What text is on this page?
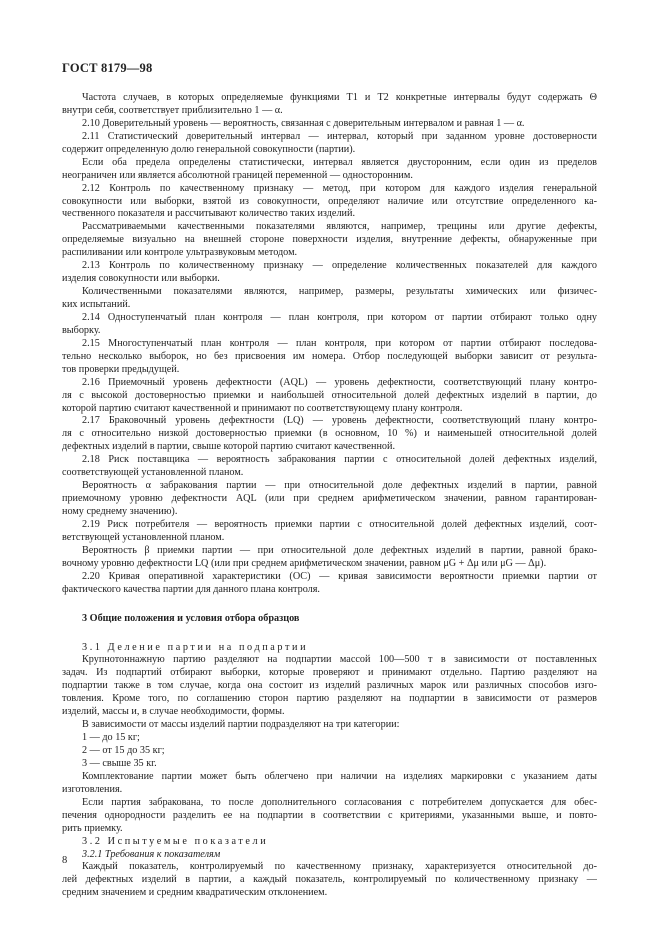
ГОСТ 8179—98
Частота случаев, в которых определяемые функциями T1 и T2 конкретные интервалы будут содержать Θ
внутри себя, соответствует приблизительно 1 — α.
2.10 Доверительный уровень — вероятность, связанная с доверительным интервалом и равная 1 — α.
2.11 Статистический доверительный интервал — интервал, который при заданном уровне достоверности
содержит определенную долю генеральной совокупности (партии).
Если оба предела определены статистически, интервал является двусторонним, если один из пределов
неограничен или является абсолютной границей переменной — односторонним.
2.12 Контроль по качественному признаку — метод, при котором для каждого изделия генеральной
совокупности или выборки, взятой из совокупности, определяют наличие или отсутствие определенного ка-
чественного показателя и рассчитывают количество таких изделий.
Рассматриваемыми качественными показателями являются, например, трещины или другие дефекты,
определяемые визуально на внешней стороне поверхности изделия, внутренние дефекты, обнаруженные при
распиливании или контроле ультразвуковым методом.
2.13 Контроль по количественному признаку — определение количественных показателей для каждого
изделия совокупности или выборки.
Количественными показателями являются, например, размеры, результаты химических или физичес-
ких испытаний.
2.14 Одноступенчатый план контроля — план контроля, при котором от партии отбирают только одну
выборку.
2.15 Многоступенчатый план контроля — план контроля, при котором от партии отбирают последова-
тельно несколько выборок, но без присвоения им номера. Отбор последующей выборки зависит от результа-
тов проверки предыдущей.
2.16 Приемочный уровень дефектности (AQL) — уровень дефектности, соответствующий плану контро-
ля с высокой достоверностью приемки и наибольшей относительной долей дефектных изделий в партии, до
которой партию считают качественной и принимают по соответствующему плану контроля.
2.17 Браковочный уровень дефектности (LQ) — уровень дефектности, соответствующий плану контро-
ля с относительно низкой достоверностью приемки (в основном, 10 %) и наименьшей относительной долей
дефектных изделий в партии, свыше которой партию считают качественной.
2.18 Риск поставщика — вероятность забракования партии с относительной долей дефектных изделий,
соответствующей установленной планом.
Вероятность α забракования партии — при относительной доле дефектных изделий в партии, равной
приемочному уровню дефектности AQL (или при среднем арифметическом значении, равном гарантирован-
ному среднему значению).
2.19 Риск потребителя — вероятность приемки партии с относительной долей дефектных изделий, соот-
ветствующей установленной планом.
Вероятность β приемки партии — при относительной доле дефектных изделий в партии, равной брако-
вочному уровню дефектности LQ (или при среднем арифметическом значении, равном μG + Δμ или μG — Δμ).
2.20 Кривая оперативной характеристики (ОС) — кривая зависимости вероятности приемки партии от
фактического качества партии для данного плана контроля.
3 Общие положения и условия отбора образцов
3.1 Деление партии на подпартии
Крупнотоннажную партию разделяют на подпартии массой 100—500 т в зависимости от поставленных
задач. Из подпартий отбирают выборки, которые проверяют и принимают отдельно. Партию разделяют на
подпартии также в том случае, когда она состоит из изделий различных марок или различных способов изго-
товления. Кроме того, по соглашению сторон партию разделяют на подпартии в зависимости от размеров
изделий, массы и, в случае необходимости, формы.
В зависимости от массы изделий партии подразделяют на три категории:
1 — до 15 кг;
2 — от 15 до 35 кг;
3 — свыше 35 кг.
Комплектование партии может быть облегчено при наличии на изделиях маркировки с указанием даты
изготовления.
Если партия забракована, то после дополнительного согласования с потребителем допускается для обес-
печения однородности разделить ее на подпартии в соответствии с критериями, указанными выше, и повто-
рить приемку.
3.2 Испытуемые показатели
3.2.1 Требования к показателям
Каждый показатель, контролируемый по качественному признаку, характеризуется относительной до-
лей дефектных изделий в партии, а каждый показатель, контролируемый по количественному признаку —
средним значением и средним квадратическим отклонением.
8
